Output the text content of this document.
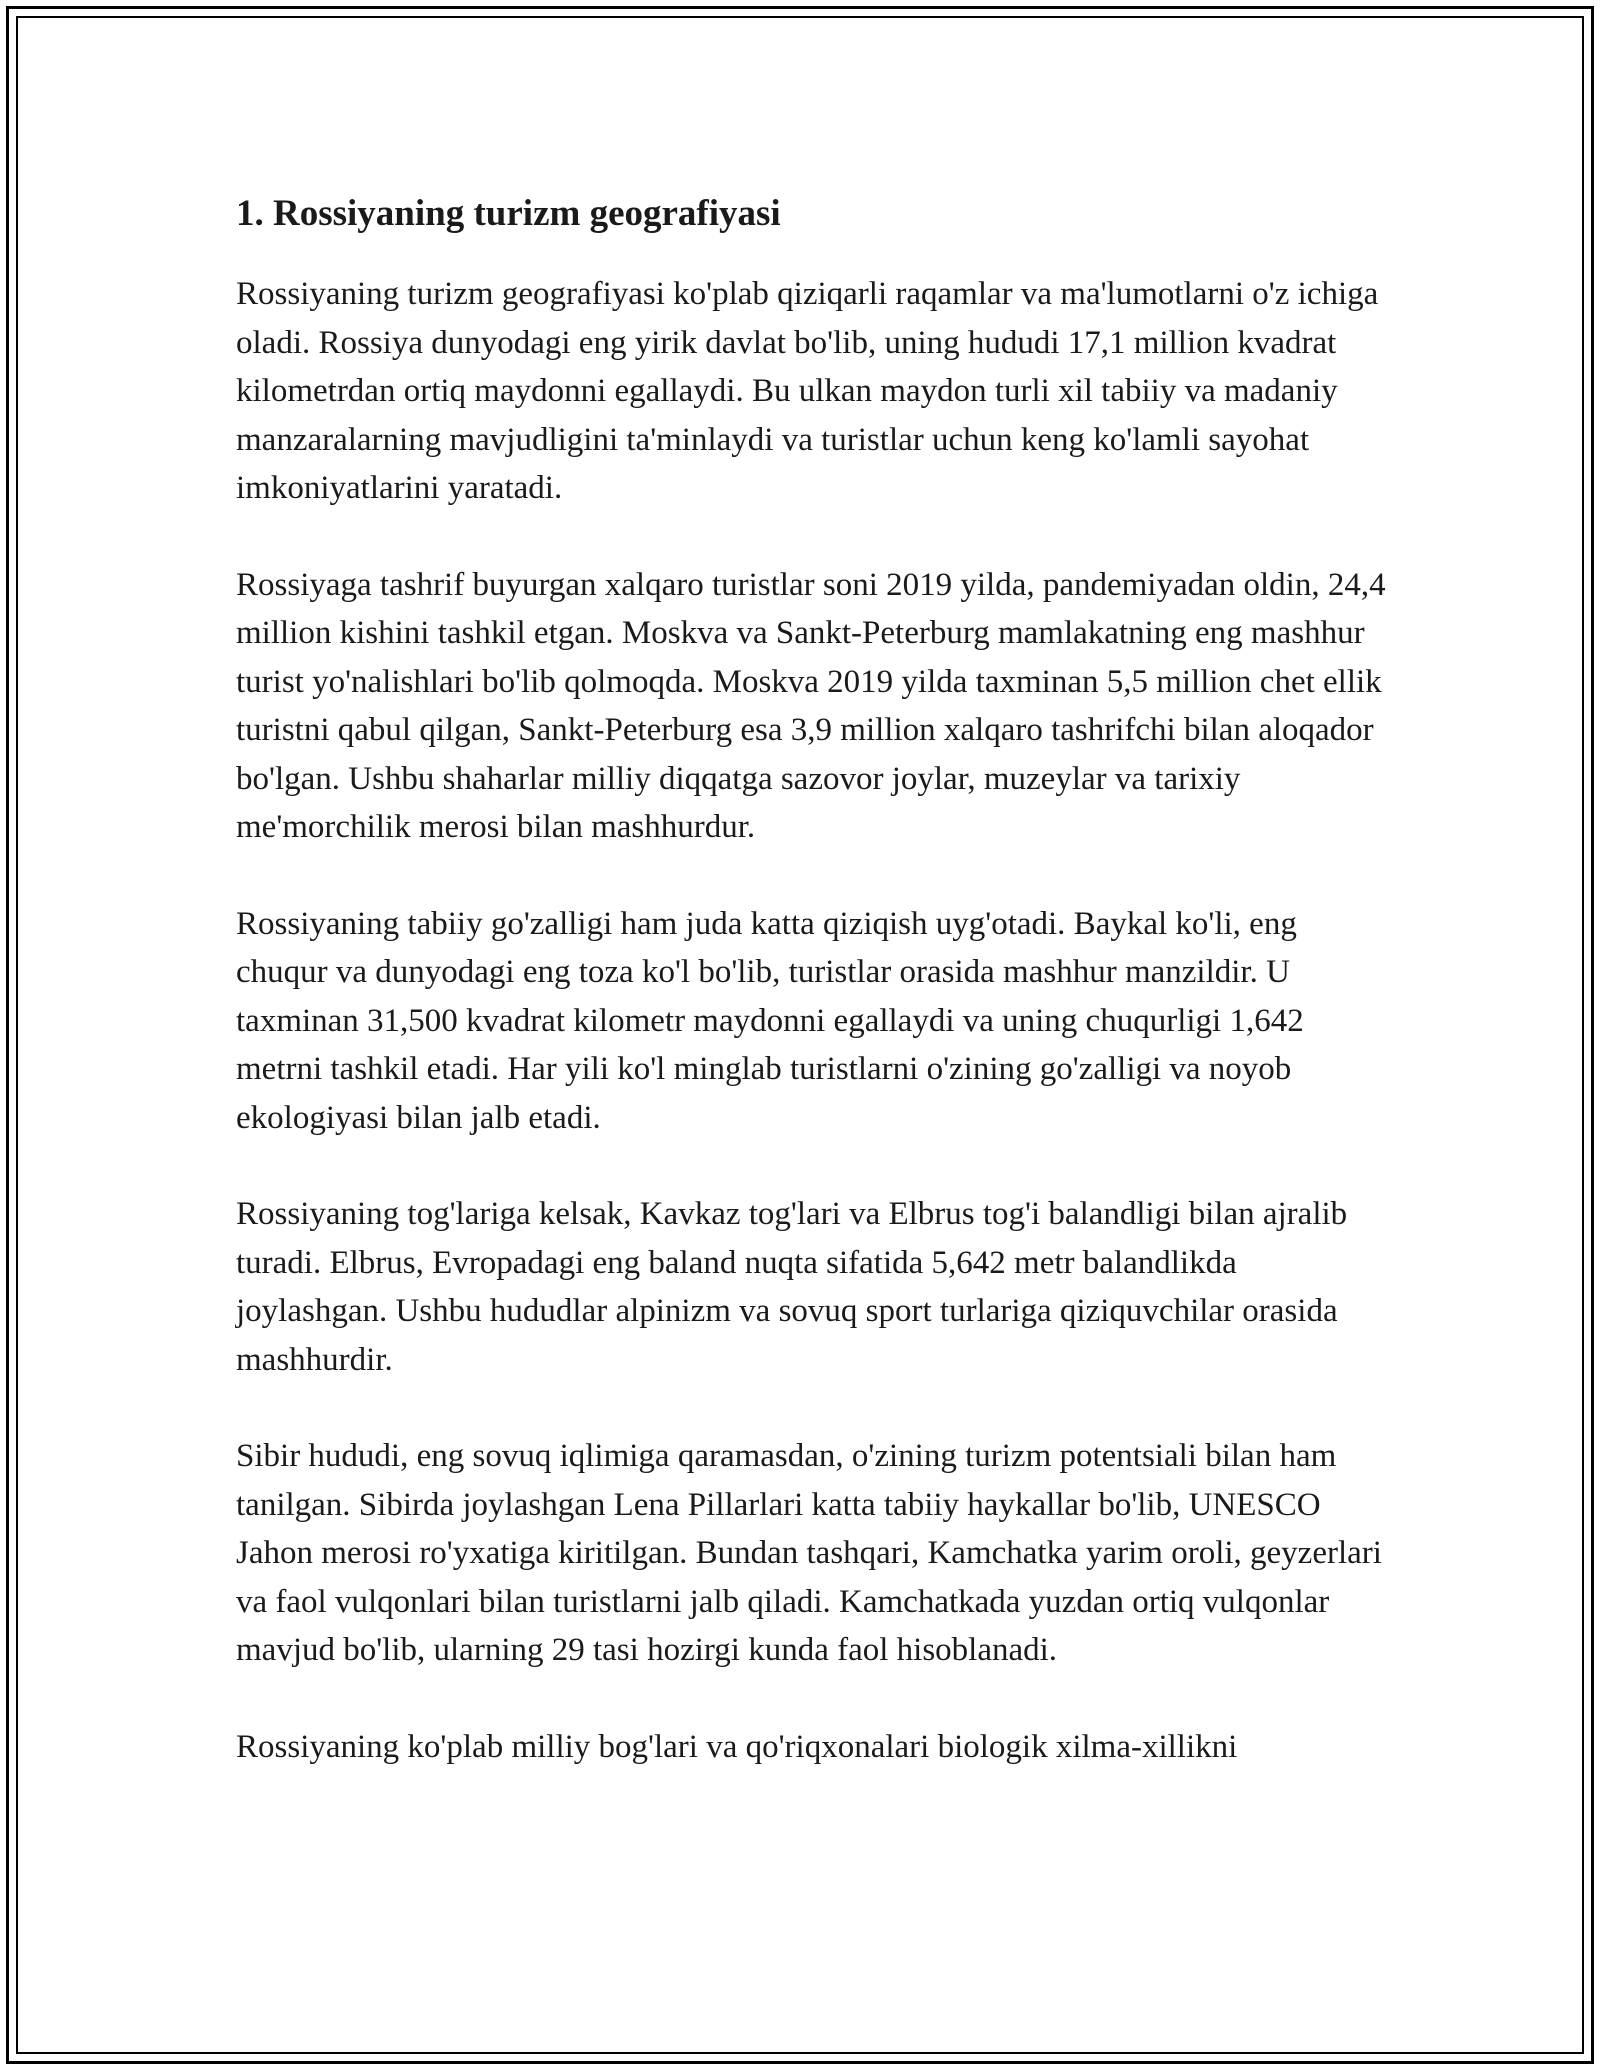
1. Rossiyaning turizm geografiyasi

Rossiyaning turizm geografiyasi ko'plab qiziqarli raqamlar va ma'lumotlarni o'z ichiga oladi. Rossiya dunyodagi eng yirik davlat bo'lib, uning hududi 17,1 million kvadrat kilometrdan ortiq maydonni egallaydi. Bu ulkan maydon turli xil tabiiy va madaniy manzaralarning mavjudligini ta'minlaydi va turistlar uchun keng ko'lamli sayohat imkoniyatlarini yaratadi.

Rossiyaga tashrif buyurgan xalqaro turistlar soni 2019 yilda, pandemiyadan oldin, 24,4 million kishini tashkil etgan. Moskva va Sankt-Peterburg mamlakatning eng mashhur turist yo'nalishlari bo'lib qolmoqda. Moskva 2019 yilda taxminan 5,5 million chet ellik turistni qabul qilgan, Sankt-Peterburg esa 3,9 million xalqaro tashrifchi bilan aloqador bo'lgan. Ushbu shaharlar milliy diqqatga sazovor joylar, muzeylar va tarixiy me'morchilik merosi bilan mashhurdur.

Rossiyaning tabiiy go'zalligi ham juda katta qiziqish uyg'otadi. Baykal ko'li, eng chuqur va dunyodagi eng toza ko'l bo'lib, turistlar orasida mashhur manzildir. U taxminan 31,500 kvadrat kilometr maydonni egallaydi va uning chuqurligi 1,642 metrni tashkil etadi. Har yili ko'l minglab turistlarni o'zining go'zalligi va noyob ekologiyasi bilan jalb etadi.

Rossiyaning tog'lariga kelsak, Kavkaz tog'lari va Elbrus tog'i balandligi bilan ajralib turadi. Elbrus, Evropadagi eng baland nuqta sifatida 5,642 metr balandlikda joylashgan. Ushbu hududlar alpinizm va sovuq sport turlariga qiziquvchilar orasida mashhurdir.

Sibir hududi, eng sovuq iqlimiga qaramasdan, o'zining turizm potentsiali bilan ham tanilgan. Sibirda joylashgan Lena Pillarlari katta tabiiy haykallar bo'lib, UNESCO Jahon merosi ro'yxatiga kiritilgan. Bundan tashqari, Kamchatka yarim oroli, geyzerlari va faol vulqonlari bilan turistlarni jalb qiladi. Kamchatkada yuzdan ortiq vulqonlar mavjud bo'lib, ularning 29 tasi hozirgi kunda faol hisoblanadi.

Rossiyaning ko'plab milliy bog'lari va qo'riqxonalari biologik xilma-xillikni
